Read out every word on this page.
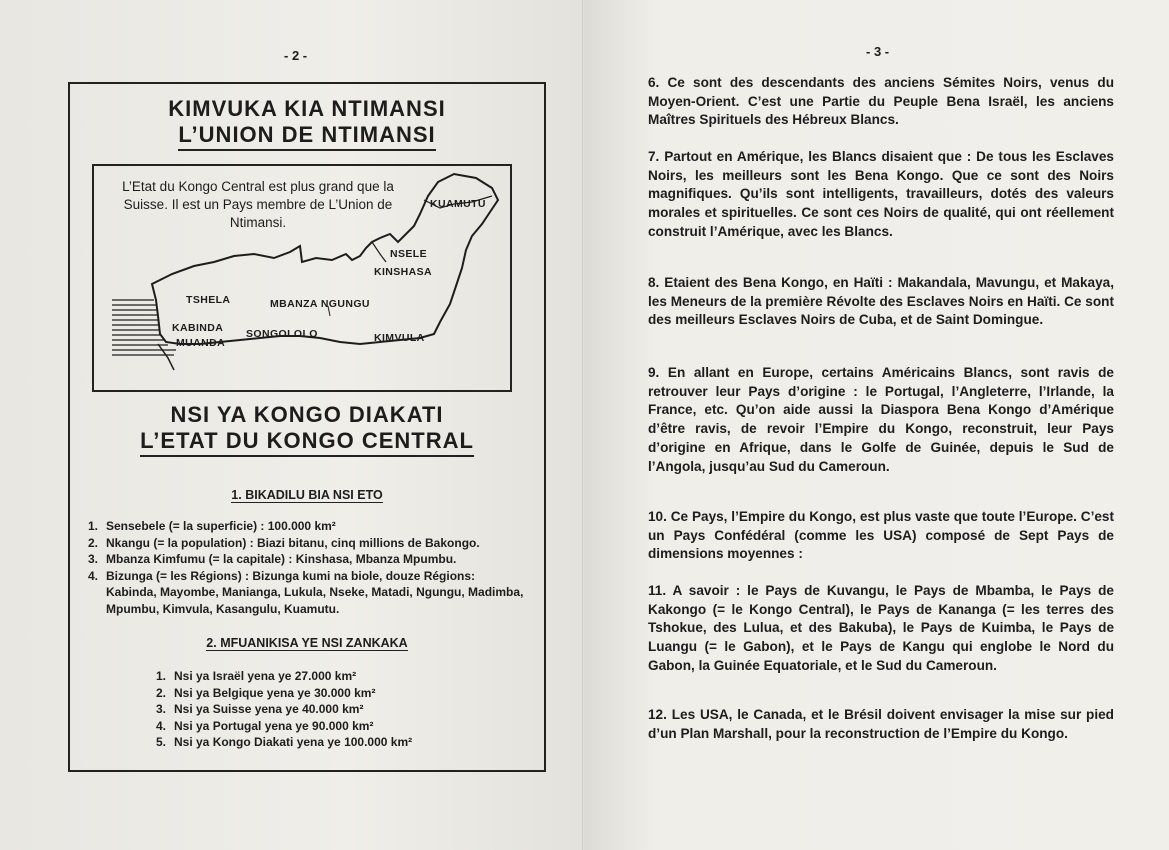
- 2 -
KIMVUKA KIA NTIMANSI
L’UNION DE NTIMANSI
L’Etat du Kongo Central est plus grand que la Suisse. Il est un Pays membre de L’Union de Ntimansi.
KUAMUTU
NSELE
KINSHASA
TSHELA	MBANZA NGUNGU
KABINDA
MUANDA
SONGOLOLO	KIMVULA
NSI YA KONGO DIAKATI
L’ETAT DU KONGO CENTRAL
1. BIKADILU BIA NSI ETO
1. Sensebele (= la superficie) : 100.000 km²
2. Nkangu (= la population) : Biazi bitanu, cinq millions de Bakongo.
3. Mbanza Kimfumu (= la capitale) : Kinshasa, Mbanza Mpumbu.
4. Bizunga (= les Régions) : Bizunga kumi na biole, douze Régions: Kabinda, Mayombe, Maniang​a, Lukula, Nseke, Matadi, Ngungu, Madimba, Mpumbu, Kimvula, Kasangulu, Kuamutu.
2. MFUANIKISA YE NSI ZANKAKA
1. Nsi ya Israël yena ye 27.000 km²
2. Nsi ya Belgique yena ye 30.000 km²
3. Nsi ya Suisse yena ye 40.000 km²
4. Nsi ya Portugal yena ye 90.000 km²
5. Nsi ya Kongo Diakati yena ye 100.000 km²
- 3 -

6. Ce sont des descendants des anciens Sémites Noirs, venus du Moyen-Orient. C’est une Partie du Peuple Bena Israël, les anciens Maîtres Spirituels des Hébreux Blancs.

7. Partout en Amérique, les Blancs disaient que : De tous les Esclaves Noirs, les meilleurs sont les Bena Kongo. Que ce sont des Noirs magnifiques. Qu’ils sont intelligents, travailleurs, dotés des valeurs morales et spirituelles. Ce sont ces Noirs de qualité, qui ont réellement construit l’Amérique, avec les Blancs.

8. Etaient des Bena Kongo, en Haïti : Makandala, Mavungu, et Makaya, les Meneurs de la première Révolte des Esclaves Noirs en Haïti. Ce sont des meilleurs Esclaves Noirs de Cuba, et de Saint Domingue.

9. En allant en Europe, certains Américains Blancs, sont ravis de retrouver leur Pays d’origine : le Portugal, l’Angleterre, l’Irlande, la France, etc. Qu’on aide aussi la Diaspora Bena Kongo d’Amérique d’être ravis, de revoir l’Empire du Kongo, reconstruit, leur Pays d’origine en Afrique, dans le Golfe de Guinée, depuis le Sud de l’Angola, jusqu’au Sud du Cameroun.

10. Ce Pays, l’Empire du Kongo, est plus vaste que toute l’Europe. C’est un Pays Confédéral (comme les USA) composé de Sept Pays de dimensions moyennes :

11. A savoir : le Pays de Kuvangu, le Pays de Mbamba, le Pays de Kakongo (= le Kongo Central), le Pays de Kananga (= les terres des Tshokue, des Lulua, et des Bakuba), le Pays de Kuimba, le Pays de Luangu (= le Gabon), et le Pays de Kangu qui englobe le Nord du Gabon, la Guinée Equatoriale, et le Sud du Cameroun.

12. Les USA, le Canada, et le Brésil doivent envisager la mise sur pied d’un Plan Marshall, pour la reconstruction de l’Empire du Kongo.
